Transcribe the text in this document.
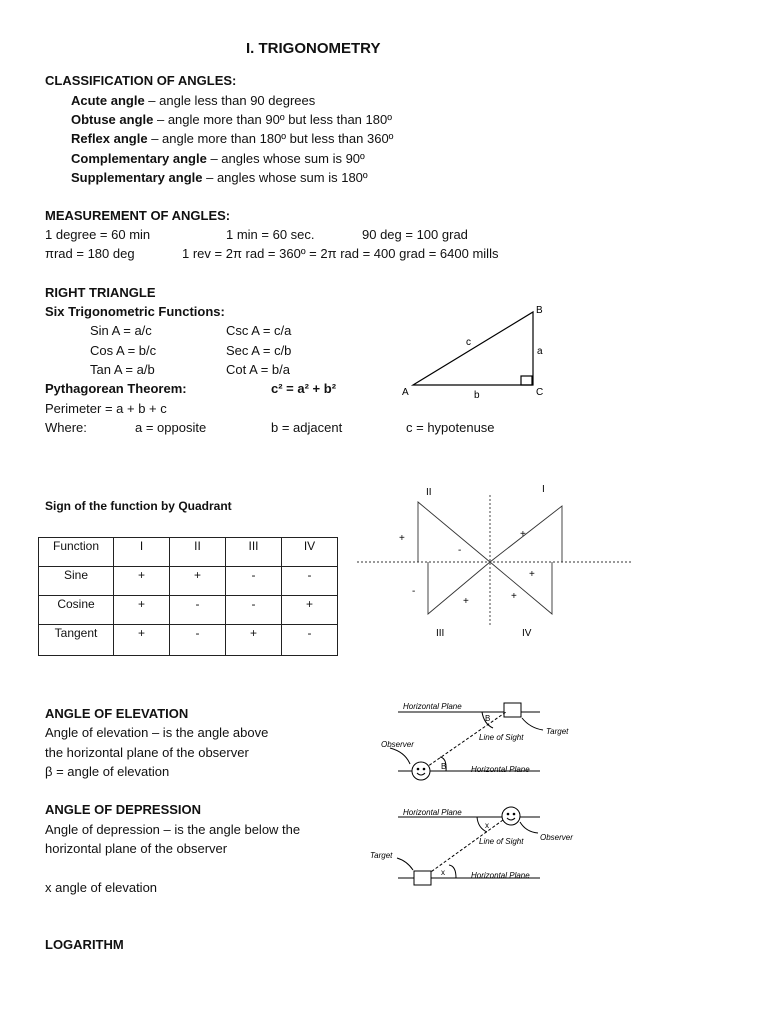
I. TRIGONOMETRY
CLASSIFICATION OF ANGLES:
Acute angle – angle less than 90 degrees
Obtuse angle – angle more than 90º but less than 180º
Reflex angle – angle more than 180º but less than 360º
Complementary angle – angles whose sum is 90º
Supplementary angle – angles whose sum is 180º
MEASUREMENT OF ANGLES:
1 degree = 60 min	1 min = 60 sec.	90 deg = 100 grad
πrad = 180 deg	1 rev = 2π rad = 360º = 2π rad = 400 grad = 6400 mills
RIGHT TRIANGLE
Six Trigonometric Functions:
Sin A = a/c	Csc A = c/a
Cos A = b/c	Sec A = c/b
Tan A = a/b	Cot A = b/a
Pythagorean Theorem:	c² = a² + b²
Perimeter = a + b + c
Where:	a = opposite	b = adjacent	c = hypotenuse
Sign of the function by Quadrant
Function	I	II	III	IV
Sine	+	+	-	-
Cosine	+	-	-	+
Tangent	+	-	+	-
ANGLE OF ELEVATION
Angle of elevation – is the angle above
the horizontal plane of the observer
β = angle of elevation
ANGLE OF DEPRESSION
Angle of depression – is the angle below the
horizontal plane of the observer
x angle of elevation
LOGARITHM
B
A	C
a
b
c
II	I
III	IV
+
-
+
+
-
+	+
Horizontal Plane
Horizontal Plane
Line of Sight
Observer
Target
B
B
Horizontal Plane
Horizontal Plane
Line of Sight Observer
Target
x
x
